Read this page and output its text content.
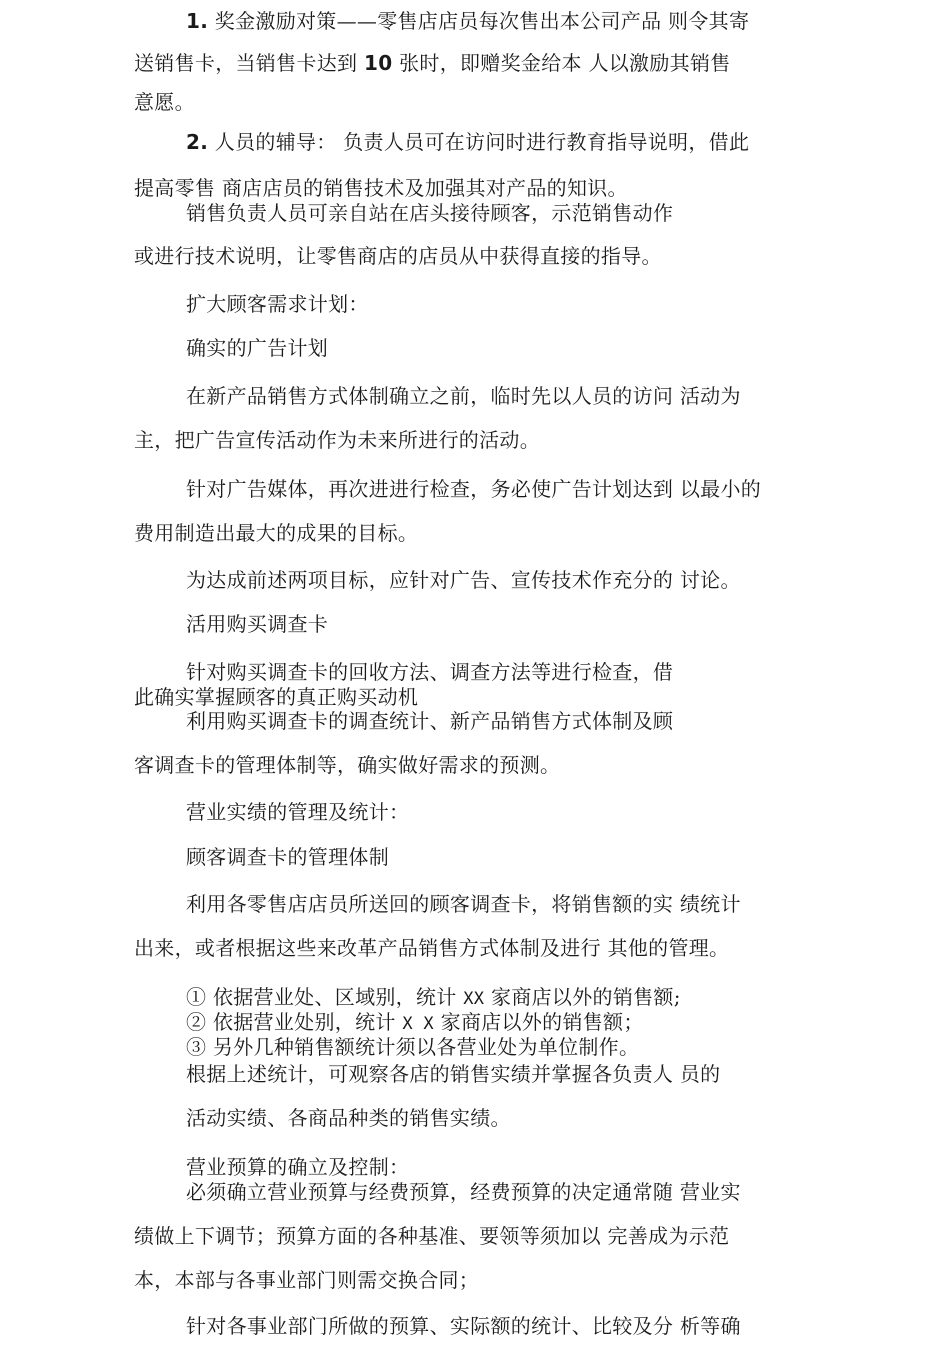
1. 奖金激励对策——零售店店员每次售出本公司产品 则令其寄
送销售卡，当销售卡达到 10 张时，即赠奖金给本 人以激励其销售
意愿。
2. 人员的辅导： 负责人员可在访问时进行教育指导说明，借此
提高零售 商店店员的销售技术及加强其对产品的知识。
销售负责人员可亲自站在店头接待顾客，示范销售动作
或进行技术说明，让零售商店的店员从中获得直接的指导。
扩大顾客需求计划：
确实的广告计划
在新产品销售方式体制确立之前，临时先以人员的访问 活动为
主，把广告宣传活动作为未来所进行的活动。
针对广告媒体，再次进进行检查，务必使广告计划达到 以最小的
费用制造出最大的成果的目标。
为达成前述两项目标，应针对广告、宣传技术作充分的 讨论。
活用购买调查卡
针对购买调查卡的回收方法、调查方法等进行检查，借
此确实掌握顾客的真正购买动机
利用购买调查卡的调查统计、新产品销售方式体制及顾
客调查卡的管理体制等，确实做好需求的预测。
营业实绩的管理及统计：
顾客调查卡的管理体制
利用各零售店店员所送回的顾客调查卡，将销售额的实 绩统计
出来，或者根据这些来改革产品销售方式体制及进行 其他的管理。
① 依据营业处、区域别，统计 XX 家商店以外的销售额;
② 依据营业处别，统计 X X 家商店以外的销售额；
③ 另外几种销售额统计须以各营业处为单位制作。
根据上述统计，可观察各店的销售实绩并掌握各负责人 员的
活动实绩、各商品种类的销售实绩。
营业预算的确立及控制：
必须确立营业预算与经费预算，经费预算的决定通常随 营业实
绩做上下调节；预算方面的各种基准、要领等须加以 完善成为示范
本，本部与各事业部门则需交换合同；
针对各事业部门所做的预算、实际额的统计、比较及分 析等确
